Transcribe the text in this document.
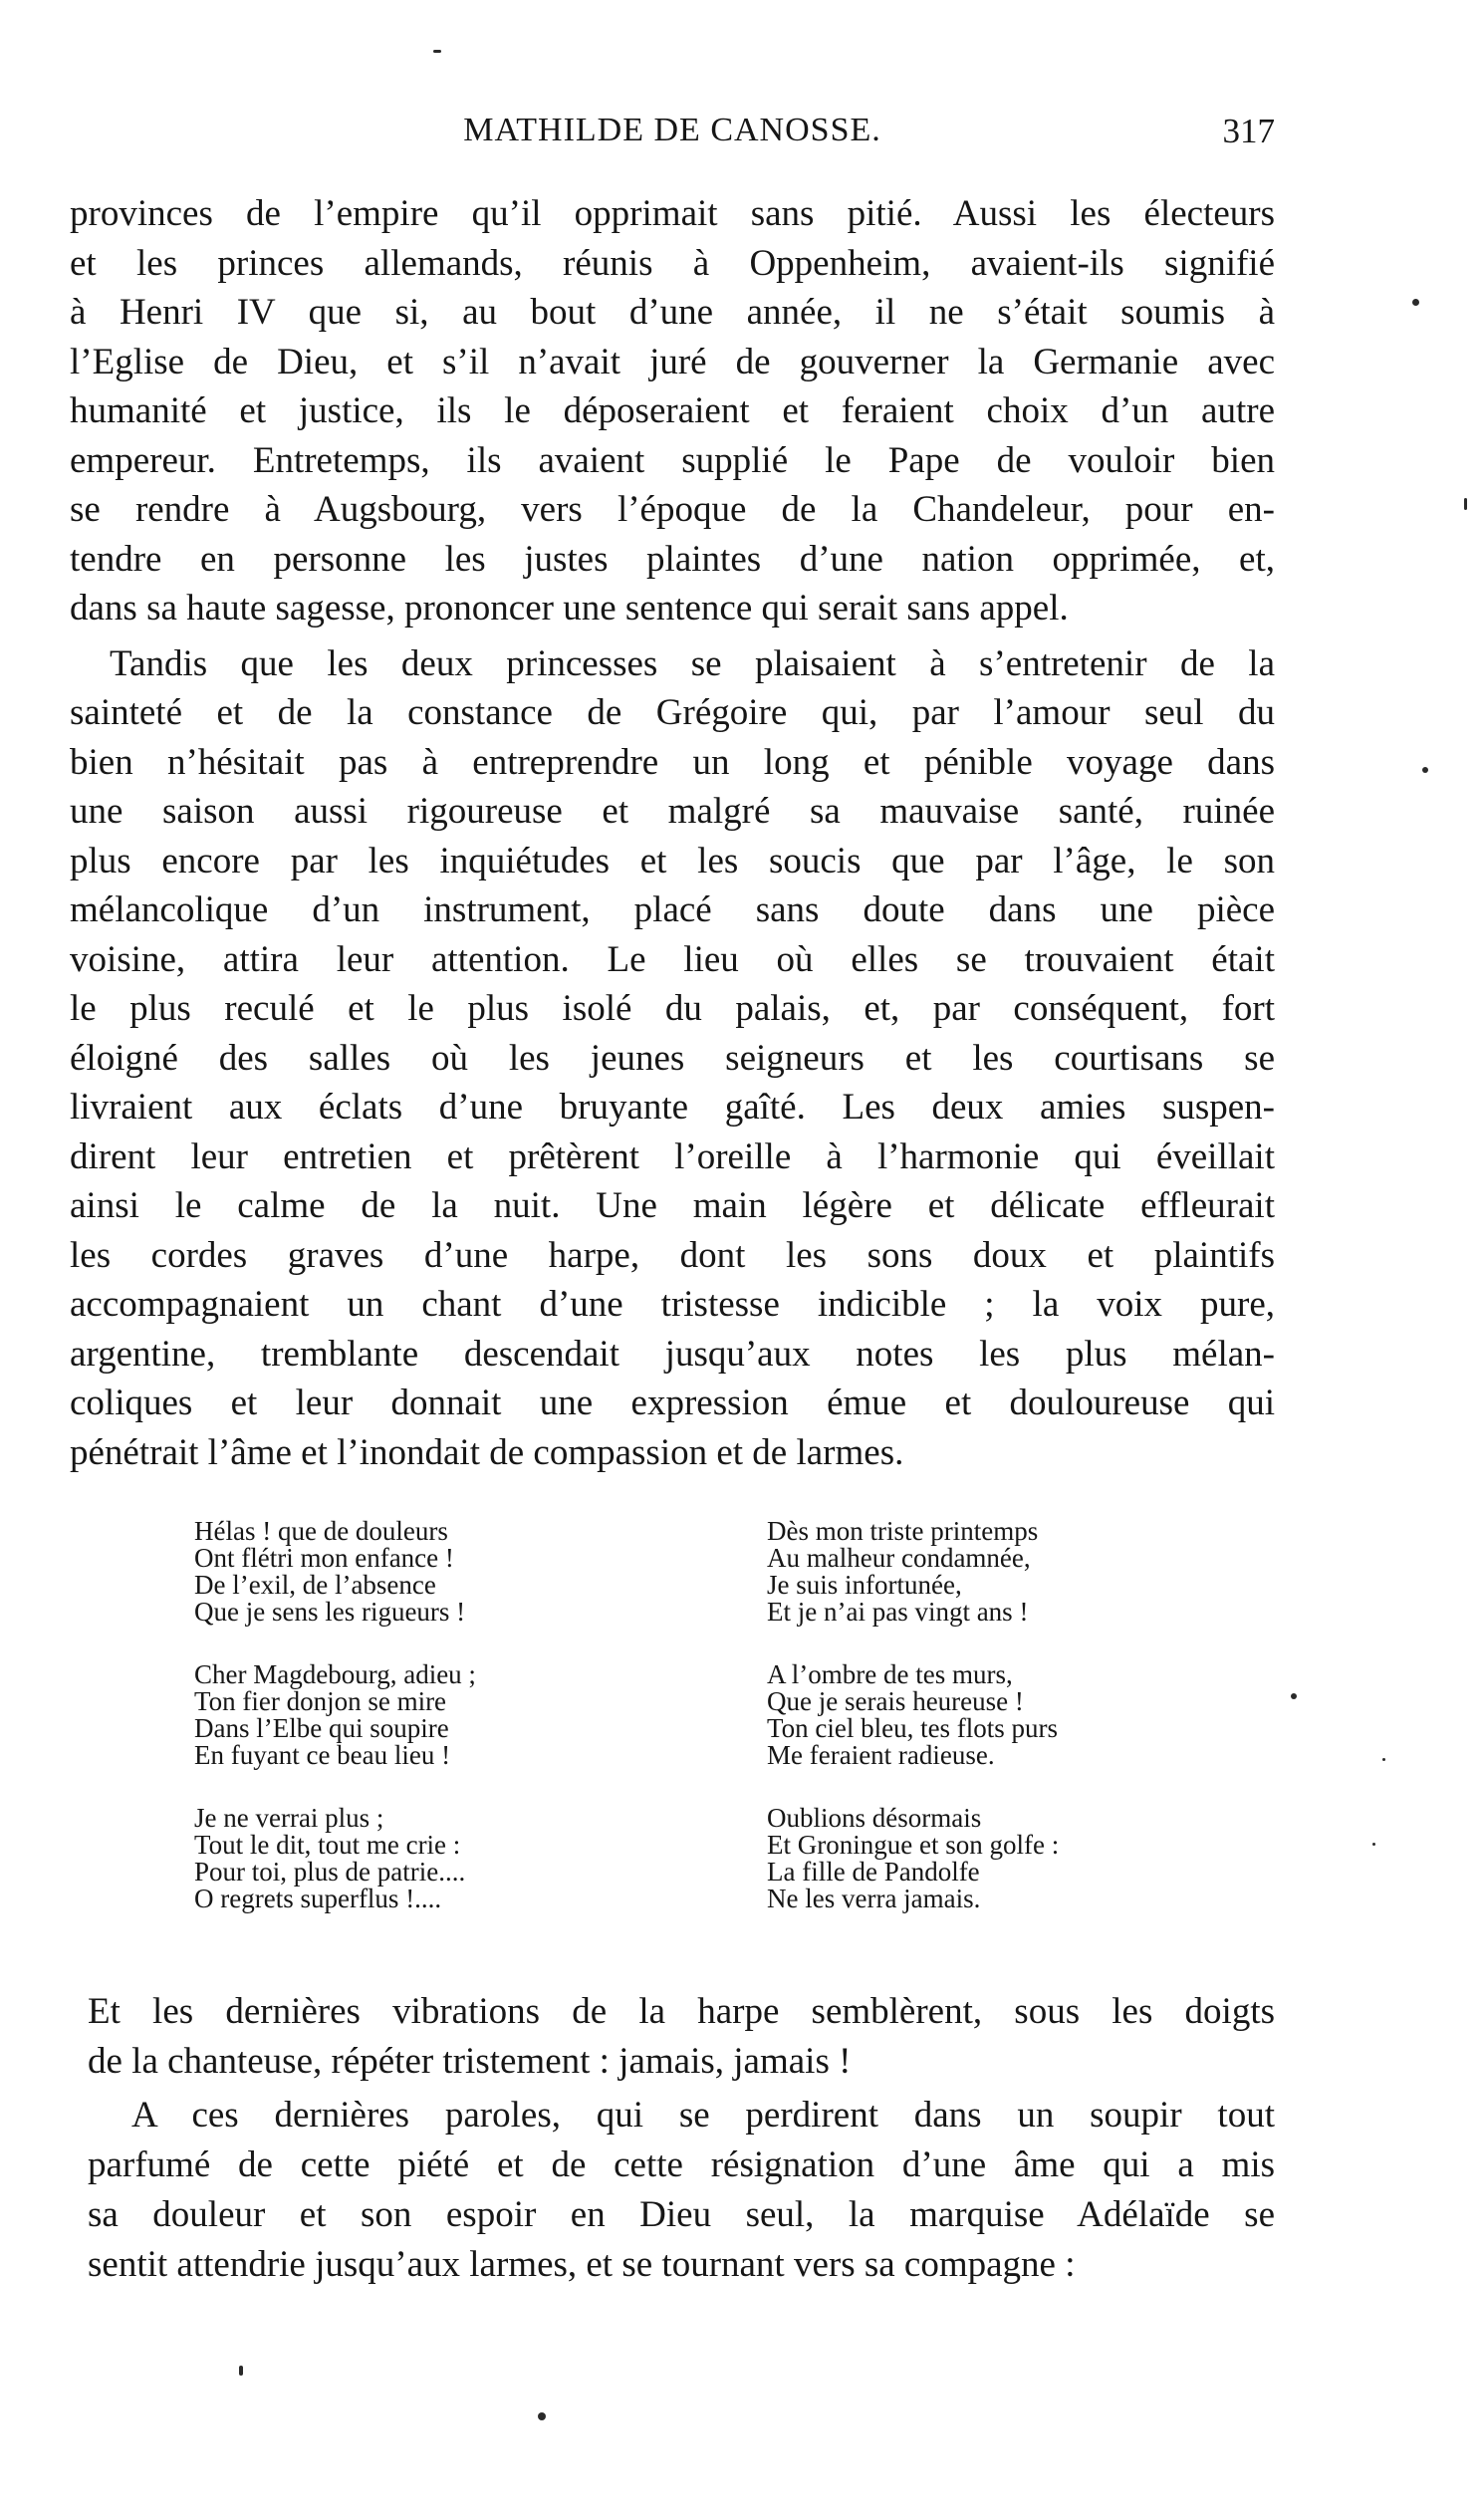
MATHILDE DE CANOSSE.	317
provinces de l’empire qu’il opprimait sans pitié. Aussi les électeurs
et les princes allemands, réunis à Oppenheim, avaient-ils signifié
à Henri IV que si, au bout d’une année, il ne s’était soumis à
l’Eglise de Dieu, et s’il n’avait juré de gouverner la Germanie avec
humanité et justice, ils le déposeraient et feraient choix d’un autre
empereur. Entretemps, ils avaient supplié le Pape de vouloir bien
se rendre à Augsbourg, vers l’époque de la Chandeleur, pour en-
tendre en personne les justes plaintes d’une nation opprimée, et,
dans sa haute sagesse, prononcer une sentence qui serait sans appel.
Tandis que les deux princesses se plaisaient à s’entretenir de la
sainteté et de la constance de Grégoire qui, par l’amour seul du
bien n’hésitait pas à entreprendre un long et pénible voyage dans
une saison aussi rigoureuse et malgré sa mauvaise santé, ruinée
plus encore par les inquiétudes et les soucis que par l’âge, le son
mélancolique d’un instrument, placé sans doute dans une pièce
voisine, attira leur attention. Le lieu où elles se trouvaient était
le plus reculé et le plus isolé du palais, et, par conséquent, fort
éloigné des salles où les jeunes seigneurs et les courtisans se
livraient aux éclats d’une bruyante gaîté. Les deux amies suspen-
dirent leur entretien et prêtèrent l’oreille à l’harmonie qui éveillait
ainsi le calme de la nuit. Une main légère et délicate effleurait
les cordes graves d’une harpe, dont les sons doux et plaintifs
accompagnaient un chant d’une tristesse indicible ; la voix pure,
argentine, tremblante descendait jusqu’aux notes les plus mélan-
coliques et leur donnait une expression émue et douloureuse qui
pénétrait l’âme et l’inondait de compassion et de larmes.
Hélas ! que de douleurs
Ont flétri mon enfance !
De l’exil, de l’absence
Que je sens les rigueurs !
Cher Magdebourg, adieu ;
Ton fier donjon se mire
Dans l’Elbe qui soupire
En fuyant ce beau lieu !
Je ne verrai plus ;
Tout le dit, tout me crie :
Pour toi, plus de patrie....
O regrets superflus !....
Dès mon triste printemps
Au malheur condamnée,
Je suis infortunée,
Et je n’ai pas vingt ans !
A l’ombre de tes murs,
Que je serais heureuse !
Ton ciel bleu, tes flots purs
Me feraient radieuse.
Oublions désormais
Et Groningue et son golfe :
La fille de Pandolfe
Ne les verra jamais.
Et les dernières vibrations de la harpe semblèrent, sous les doigts
de la chanteuse, répéter tristement : jamais, jamais !
A ces dernières paroles, qui se perdirent dans un soupir tout
parfumé de cette piété et de cette résignation d’une âme qui a mis
sa douleur et son espoir en Dieu seul, la marquise Adélaïde se
sentit attendrie jusqu’aux larmes, et se tournant vers sa compagne :
